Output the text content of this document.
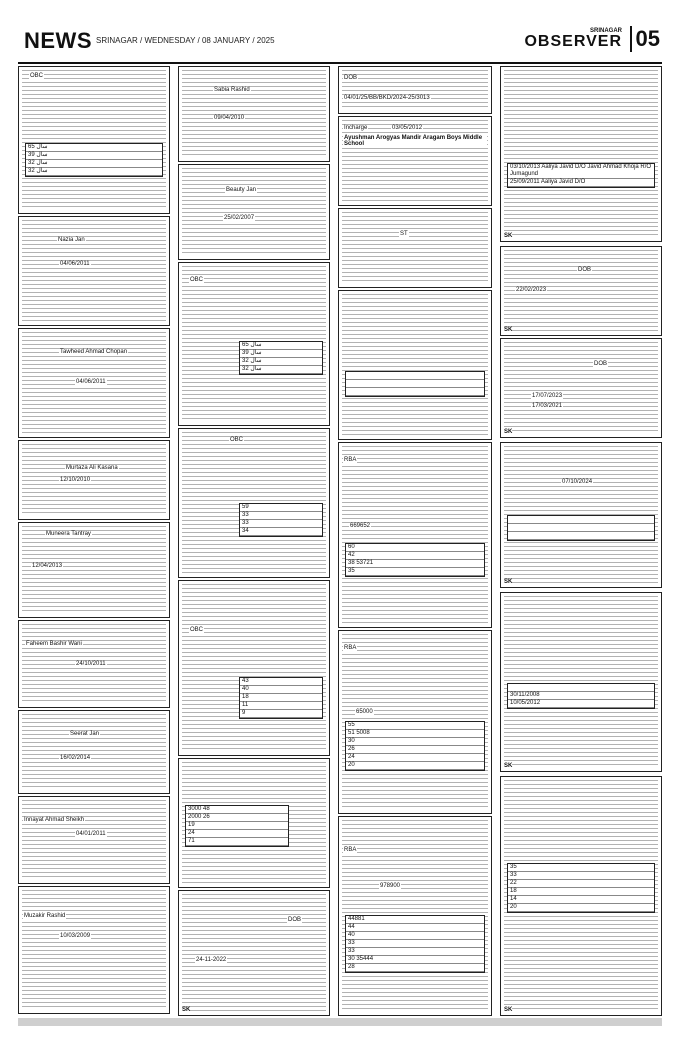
NEWS SRINAGAR / WEDNESDAY / 08 JANUARY / 2025
SRINAGAR
OBSERVER 05
OBC
65 سال
39 سال
32 سال
32 سال
Nazia Jan
04/06/2011
Tawheed Ahmad Chopan
04/06/2011
Murtaza Ali Kasana
12/10/2010
Muneera Tantray
12/04/2013
Faheem Bashir Wani
24/10/2011
Seerat Jan
16/02/2014
Innayat Ahmad Sheikh
04/01/2011
Muzakir Rashid
10/03/2009
Sabia Rashid
09/04/2010
Beauty Jan
25/02/2007
OBC
65 سال
39 سال
32 سال
32 سال
OBC
59
33
33
34
OBC
43
40
18
11
9
3000 48
2000 26
19
24
71
DOB
24-11-2022
SK
DOB
04/01/25/BB/BKD/2024-25/3013
Incharge	03/05/2012
Ayushman Arogyas Mandir Aragam Boys Middle School
ST
RBA
669652
60
42
38 53721
35
RBA
65000
55
51 5008
30
26
24
20
RBA
978900
44881
44
40
33
33
30 35444
28
03/10/2013 Aaliya Javid D/O Javid Ahmad Khoja R/O Jumagund
25/09/2011 Aaliya Javid D/O
SK
DOB
22/02/2023
SK
DOB
17/07/2023
17/03/2021
SK
07/10/2024
SK
30/11/2008
10/05/2012
SK
35
33
22
18
14
20
SK
